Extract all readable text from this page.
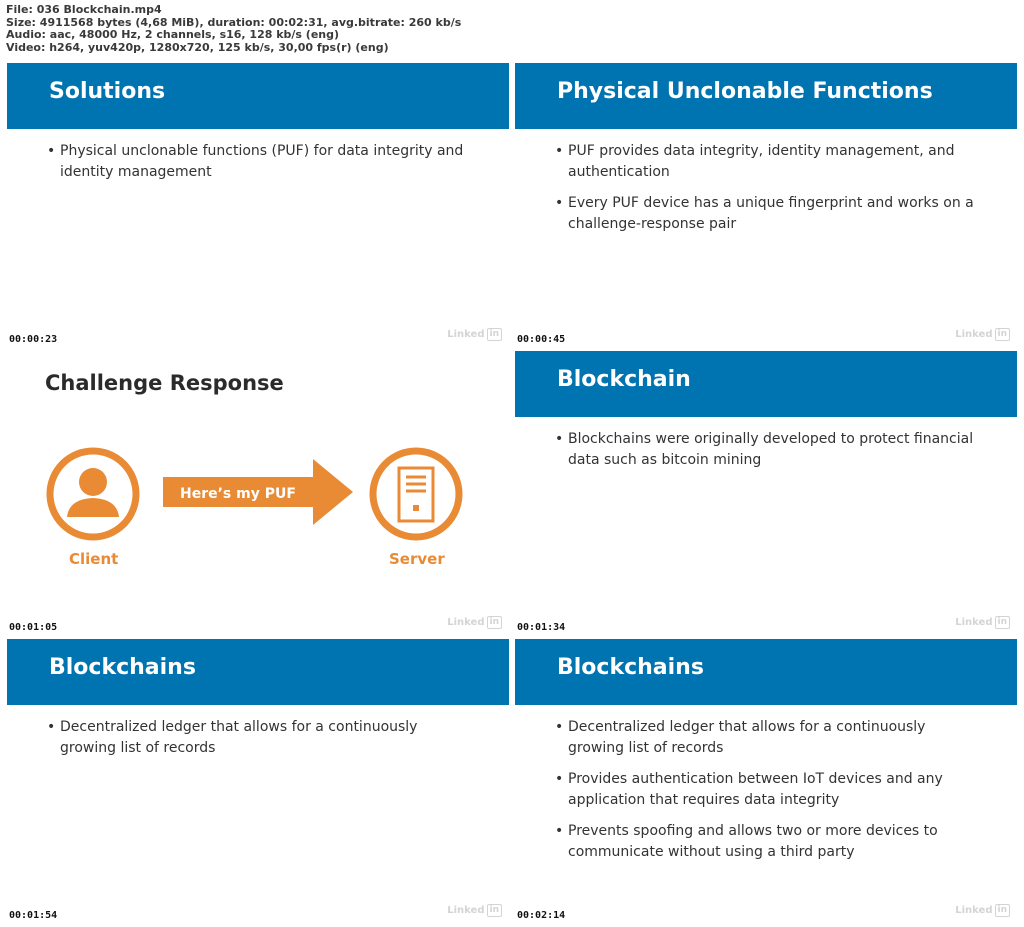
File: 036 Blockchain.mp4
Size: 4911568 bytes (4,68 MiB), duration: 00:02:31, avg.bitrate: 260 kb/s
Audio: aac, 48000 Hz, 2 channels, s16, 128 kb/s (eng)
Video: h264, yuv420p, 1280x720, 125 kb/s, 30,00 fps(r) (eng)
Solutions
• Physical unclonable functions (PUF) for data integrity and identity management
Linked in
00:00:23
Physical Unclonable Functions
• PUF provides data integrity, identity management, and authentication
• Every PUF device has a unique fingerprint and works on a challenge-response pair
Linked in
00:00:45
Challenge Response
Here’s my PUF
Client	Server
Linked in
00:01:05
Blockchain
• Blockchains were originally developed to protect financial data such as bitcoin mining
Linked in
00:01:34
Blockchains
• Decentralized ledger that allows for a continuously growing list of records
Linked in
00:01:54
Blockchains
• Decentralized ledger that allows for a continuously growing list of records
• Provides authentication between IoT devices and any application that requires data integrity
• Prevents spoofing and allows two or more devices to communicate without using a third party
Linked in
00:02:14
